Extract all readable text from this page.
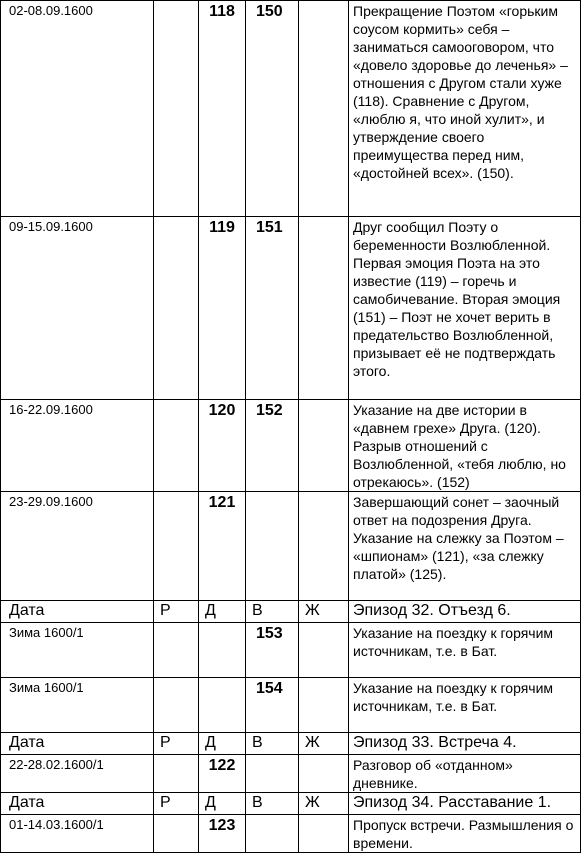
02-08.09.1600		118	150		Прекращение Поэтом «горьким соусом кормить» себя – заниматься самооговором, что «довело здоровье до леченья» – отношения с Другом стали хуже (118). Сравнение с Другом, «люблю я, что иной хулит», и утверждение своего преимущества перед ним, «достойней всех». (150).
09-15.09.1600		119	151		Друг сообщил Поэту о беременности Возлюбленной. Первая эмоция Поэта на это известие (119) – горечь и самобичевание. Вторая эмоция (151) – Поэт не хочет верить в предательство Возлюбленной, призывает её не подтверждать этого.
16-22.09.1600		120	152		Указание на две истории в «давнем грехе» Друга. (120). Разрыв отношений с Возлюбленной, «тебя люблю, но отрекаюсь». (152)
23-29.09.1600		121			Завершающий сонет – заочный ответ на подозрения Друга. Указание на слежку за Поэтом – «шпионам» (121), «за слежку платой» (125).
Дата	Р	Д	В	Ж	Эпизод 32. Отъезд 6.
Зима 1600/1			153		Указание на поездку к горячим источникам, т.е. в Бат.
Зима 1600/1			154		Указание на поездку к горячим источникам, т.е. в Бат.
Дата	Р	Д	В	Ж	Эпизод 33. Встреча 4.
22-28.02.1600/1		122			Разговор об «отданном» дневнике.
Дата	Р	Д	В	Ж	Эпизод 34. Расставание 1.
01-14.03.1600/1		123			Пропуск встречи. Размышления о времени.
